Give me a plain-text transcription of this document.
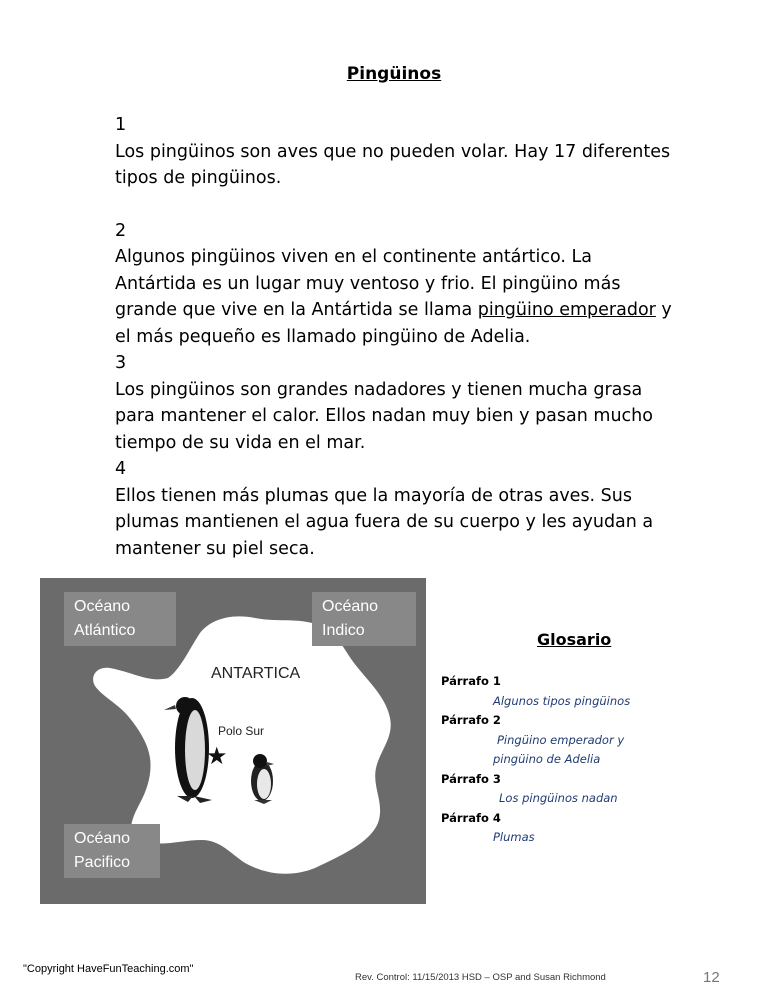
Pingüinos

1

Los pingüinos son aves que no pueden volar. Hay 17 diferentes tipos de pingüinos.

2

Algunos pingüinos viven en el continente antártico. La Antártida es un lugar muy ventoso y frio. El pingüino más grande que vive en la Antártida se llama pingüino emperador y el más pequeño es llamado pingüino de Adelia.

3

Los pingüinos son grandes nadadores y tienen mucha grasa para mantener el calor. Ellos nadan muy bien y pasan mucho tiempo de su vida en el mar.

4

Ellos tienen más plumas que la mayoría de otras aves. Sus plumas mantienen el agua fuera de su cuerpo y les ayudan a mantener su piel seca.

Océano
Atlántico
Océano
Indico
Océano
Pacifico
ANTARTICA
Polo Sur
★
Glosario
Párrafo 1
Algunos tipos pingüinos
Párrafo 2
Pingüino emperador y
pingüino de Adelia
Párrafo 3
Los pingüinos nadan
Párrafo 4
Plumas
"Copyright HaveFunTeaching.com"
Rev. Control: 11/15/2013 HSD – OSP and Susan Richmond	12
